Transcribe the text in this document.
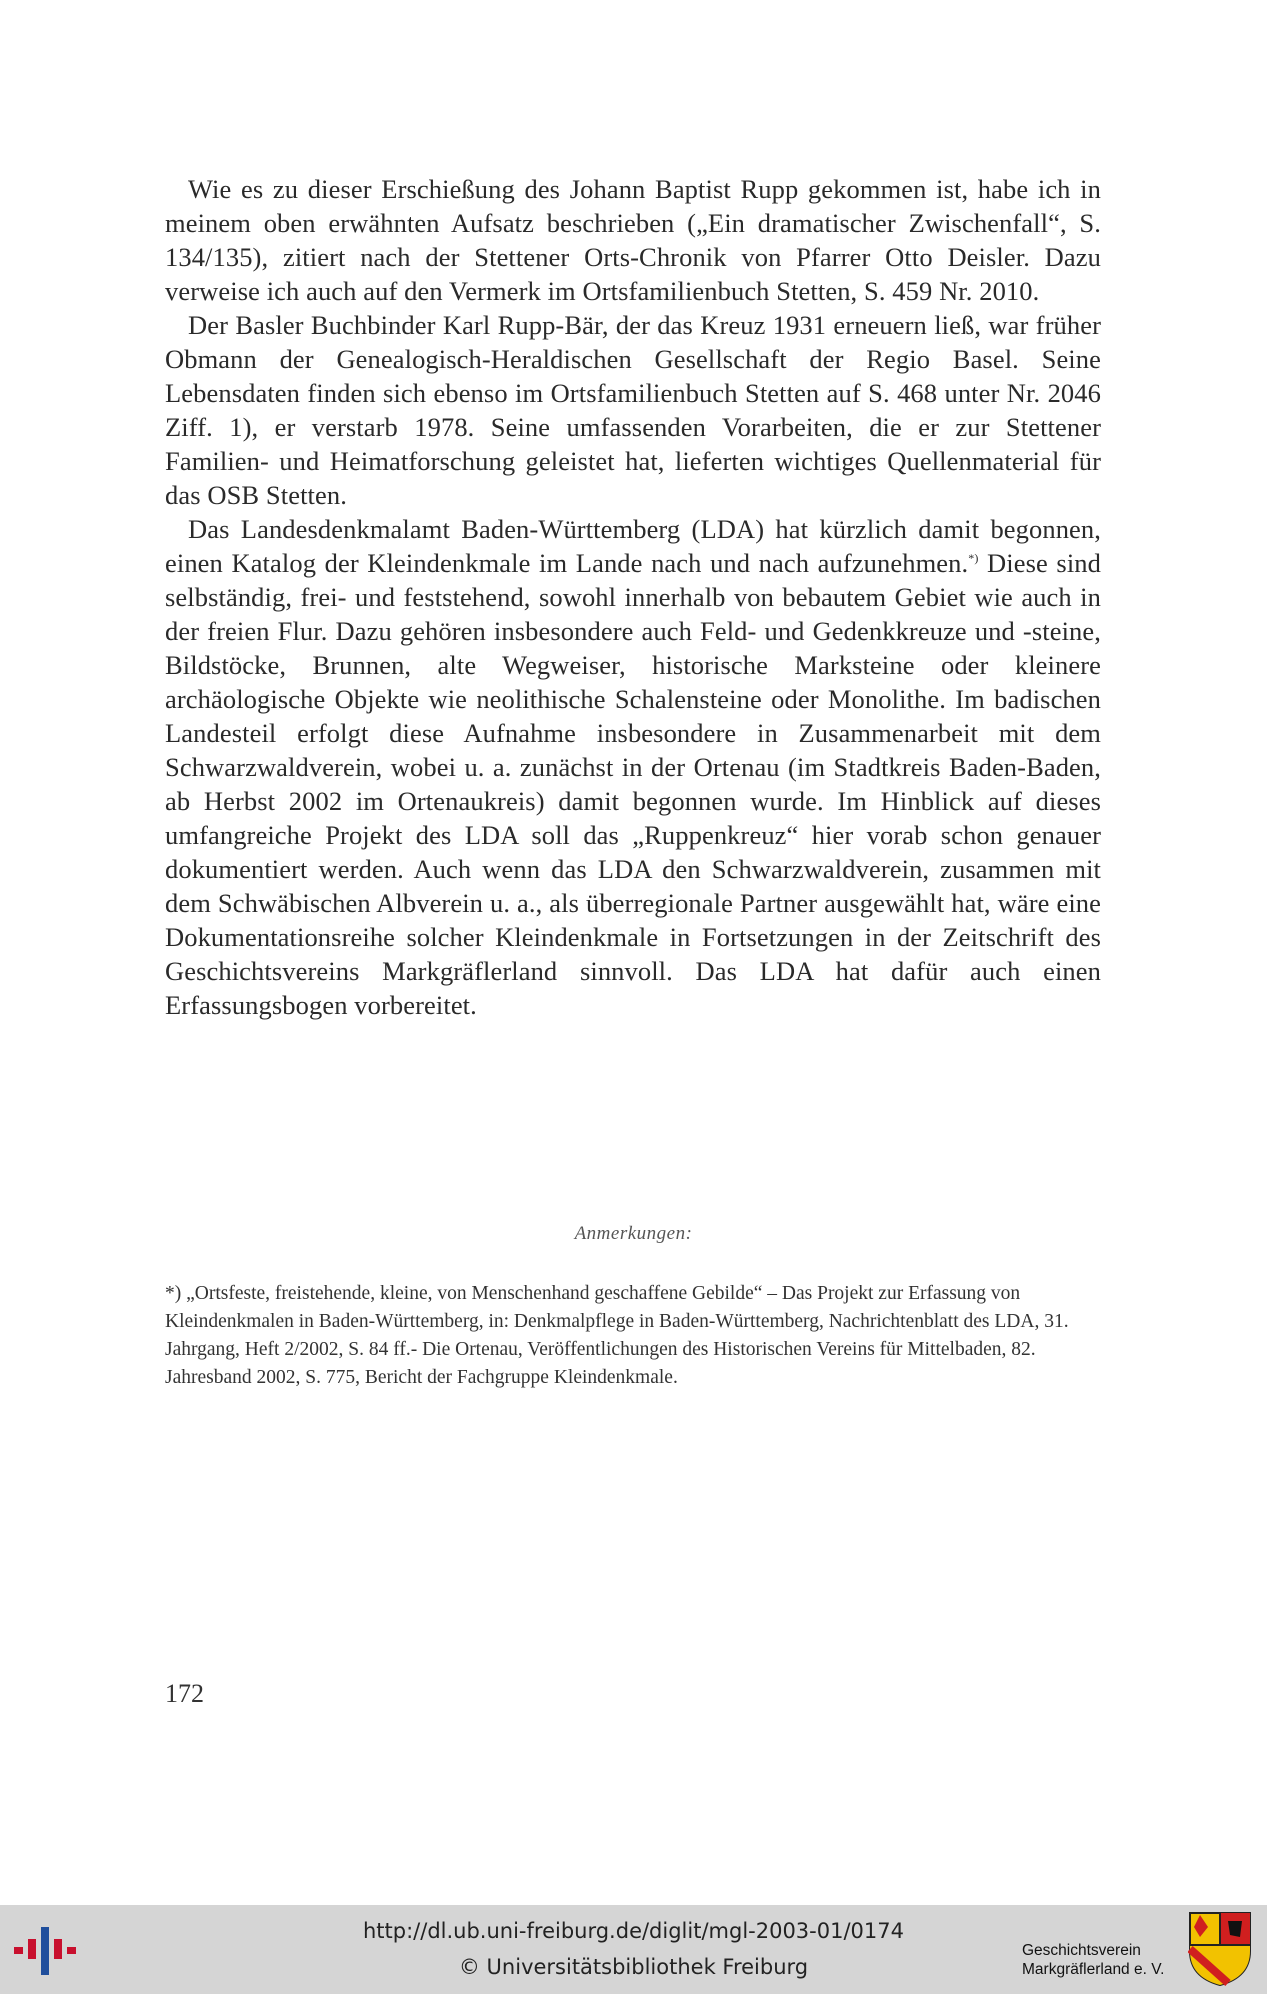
Wie es zu dieser Erschießung des Johann Baptist Rupp gekommen ist, habe ich in meinem oben erwähnten Aufsatz beschrieben („Ein dramatischer Zwischenfall“, S. 134/135), zitiert nach der Stettener Orts-Chronik von Pfarrer Otto Deisler. Dazu verweise ich auch auf den Vermerk im Ortsfamilienbuch Stetten, S. 459 Nr. 2010.

Der Basler Buchbinder Karl Rupp-Bär, der das Kreuz 1931 erneuern ließ, war früher Obmann der Genealogisch-Heraldischen Gesellschaft der Regio Basel. Seine Lebensdaten finden sich ebenso im Ortsfamilienbuch Stetten auf S. 468 unter Nr. 2046 Ziff. 1), er verstarb 1978. Seine umfassenden Vorarbeiten, die er zur Stettener Familien- und Heimatforschung geleistet hat, lieferten wichtiges Quellenmaterial für das OSB Stetten.

Das Landesdenkmalamt Baden-Württemberg (LDA) hat kürzlich damit begonnen, einen Katalog der Kleindenkmale im Lande nach und nach aufzunehmen.*) Diese sind selbständig, frei- und feststehend, sowohl innerhalb von bebautem Gebiet wie auch in der freien Flur. Dazu gehören insbesondere auch Feld- und Gedenkkreuze und -steine, Bildstöcke, Brunnen, alte Wegweiser, historische Marksteine oder kleinere archäologische Objekte wie neolithische Schalensteine oder Monolithe. Im badischen Landesteil erfolgt diese Aufnahme insbesondere in Zusammenarbeit mit dem Schwarzwaldverein, wobei u. a. zunächst in der Ortenau (im Stadtkreis Baden-Baden, ab Herbst 2002 im Ortenaukreis) damit begonnen wurde. Im Hinblick auf dieses umfangreiche Projekt des LDA soll das „Ruppenkreuz“ hier vorab schon genauer dokumentiert werden. Auch wenn das LDA den Schwarzwaldverein, zusammen mit dem Schwäbischen Albverein u. a., als überregionale Partner ausgewählt hat, wäre eine Dokumentationsreihe solcher Kleindenkmale in Fortsetzungen in der Zeitschrift des Geschichtsvereins Markgräflerland sinnvoll. Das LDA hat dafür auch einen Erfassungsbogen vorbereitet.

Anmerkungen:
*) „Ortsfeste, freistehende, kleine, von Menschenhand geschaffene Gebilde“ – Das Projekt zur Erfassung von Kleindenkmalen in Baden-Württemberg, in: Denkmalpflege in Baden-Württemberg, Nachrichtenblatt des LDA, 31. Jahrgang, Heft 2/2002, S. 84 ff.- Die Ortenau, Veröffentlichungen des Historischen Vereins für Mittelbaden, 82. Jahresband 2002, S. 775, Bericht der Fachgruppe Kleindenkmale.
172
http://dl.ub.uni-freiburg.de/diglit/mgl-2003-01/0174
© Universitätsbibliothek Freiburg
Geschichtsverein
Markgräflerland e. V.
